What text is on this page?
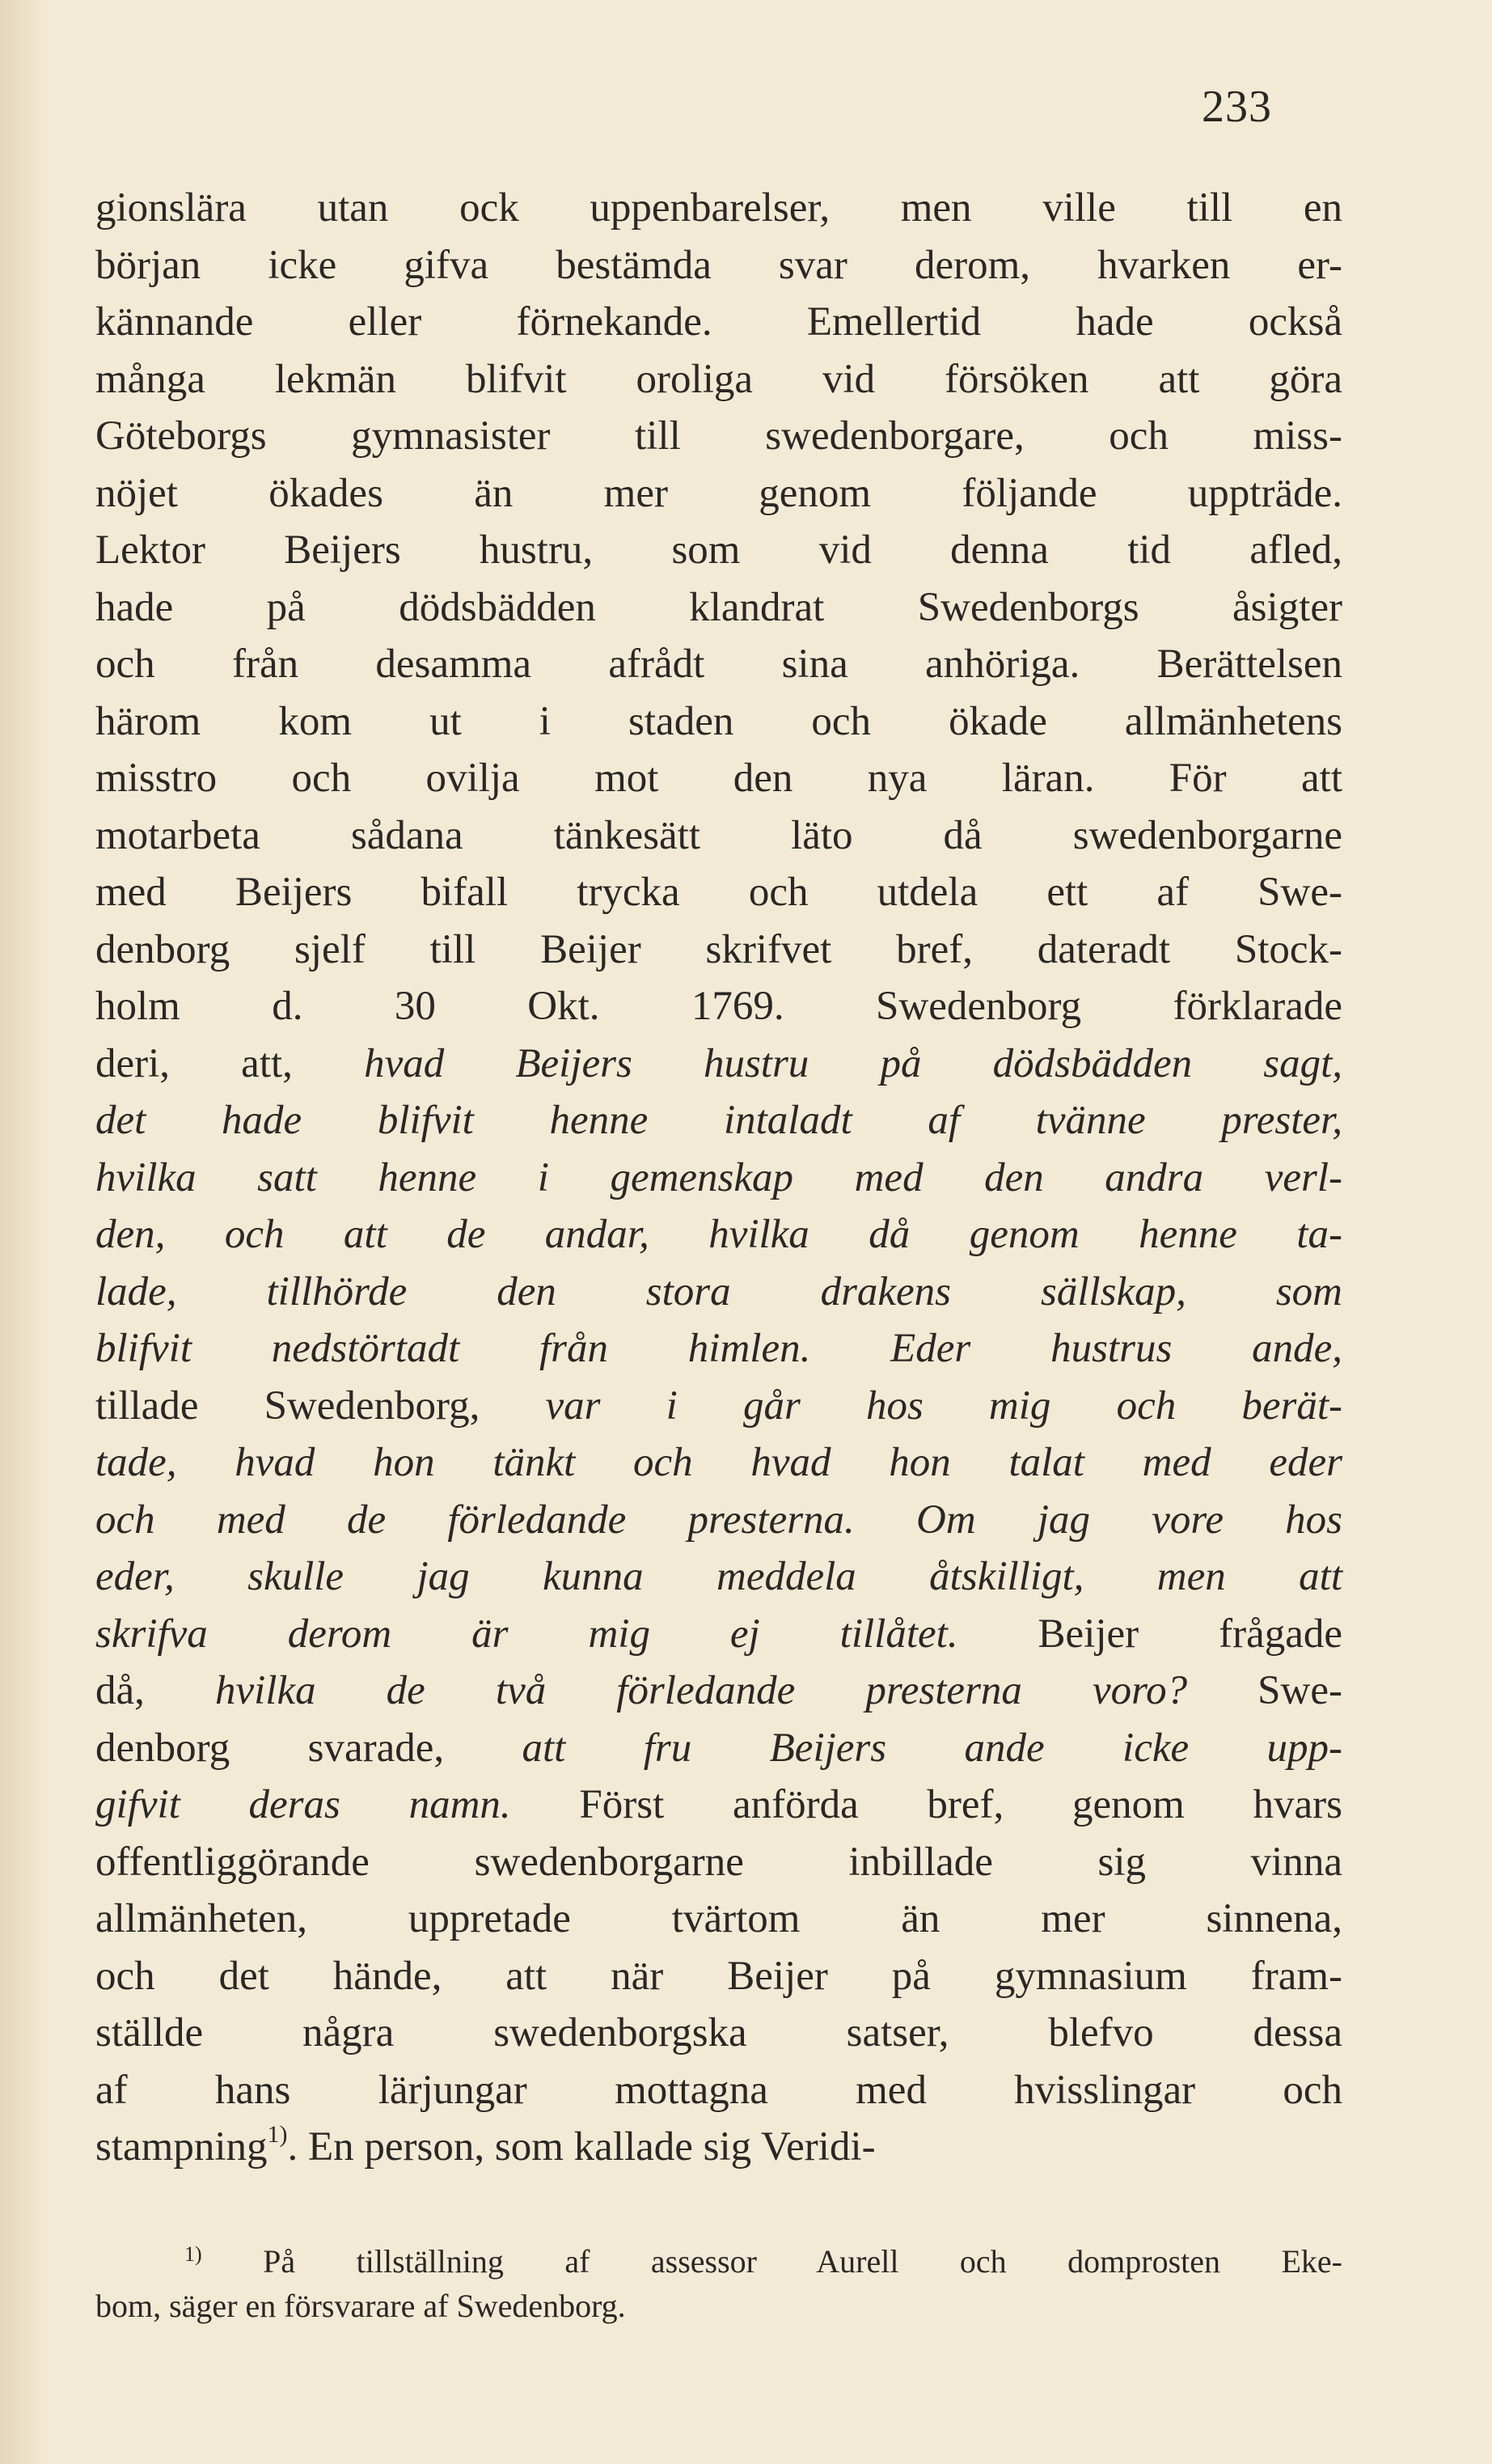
233
gionslära utan ock uppenbarelser, men ville till en
början icke gifva bestämda svar derom, hvarken er-
kännande eller förnekande. Emellertid hade också
många lekmän blifvit oroliga vid försöken att göra
Göteborgs gymnasister till swedenborgare, och miss-
nöjet ökades än mer genom följande uppträde.
Lektor Beijers hustru, som vid denna tid afled,
hade på dödsbädden klandrat Swedenborgs åsigter
och från desamma afrådt sina anhöriga. Berättelsen
härom kom ut i staden och ökade allmänhetens
misstro och ovilja mot den nya läran. För att
motarbeta sådana tänkesätt läto då swedenborgarne
med Beijers bifall trycka och utdela ett af Swe-
denborg sjelf till Beijer skrifvet bref, dateradt Stock-
holm d. 30 Okt. 1769. Swedenborg förklarade
deri, att, hvad Beijers hustru på dödsbädden sagt,
det hade blifvit henne intaladt af tvänne prester,
hvilka satt henne i gemenskap med den andra verl-
den, och att de andar, hvilka då genom henne ta-
lade, tillhörde den stora drakens sällskap, som
blifvit nedstörtadt från himlen. Eder hustrus ande,
tillade Swedenborg, var i går hos mig och berät-
tade, hvad hon tänkt och hvad hon talat med eder
och med de förledande presterna. Om jag vore hos
eder, skulle jag kunna meddela åtskilligt, men att
skrifva derom är mig ej tillåtet. Beijer frågade
då, hvilka de två förledande presterna voro? Swe-
denborg svarade, att fru Beijers ande icke upp-
gifvit deras namn. Först anförda bref, genom hvars
offentliggörande swedenborgarne inbillade sig vinna
allmänheten, uppretade tvärtom än mer sinnena,
och det hände, att när Beijer på gymnasium fram-
ställde några swedenborgska satser, blefvo dessa
af hans lärjungar mottagna med hvisslingar och
stampning$^{1)}$. En person, som kallade sig Veridi-
$^{1)}$ På tillställning af assessor Aurell och domprosten Eke-
bom, säger en försvarare af Swedenborg.
